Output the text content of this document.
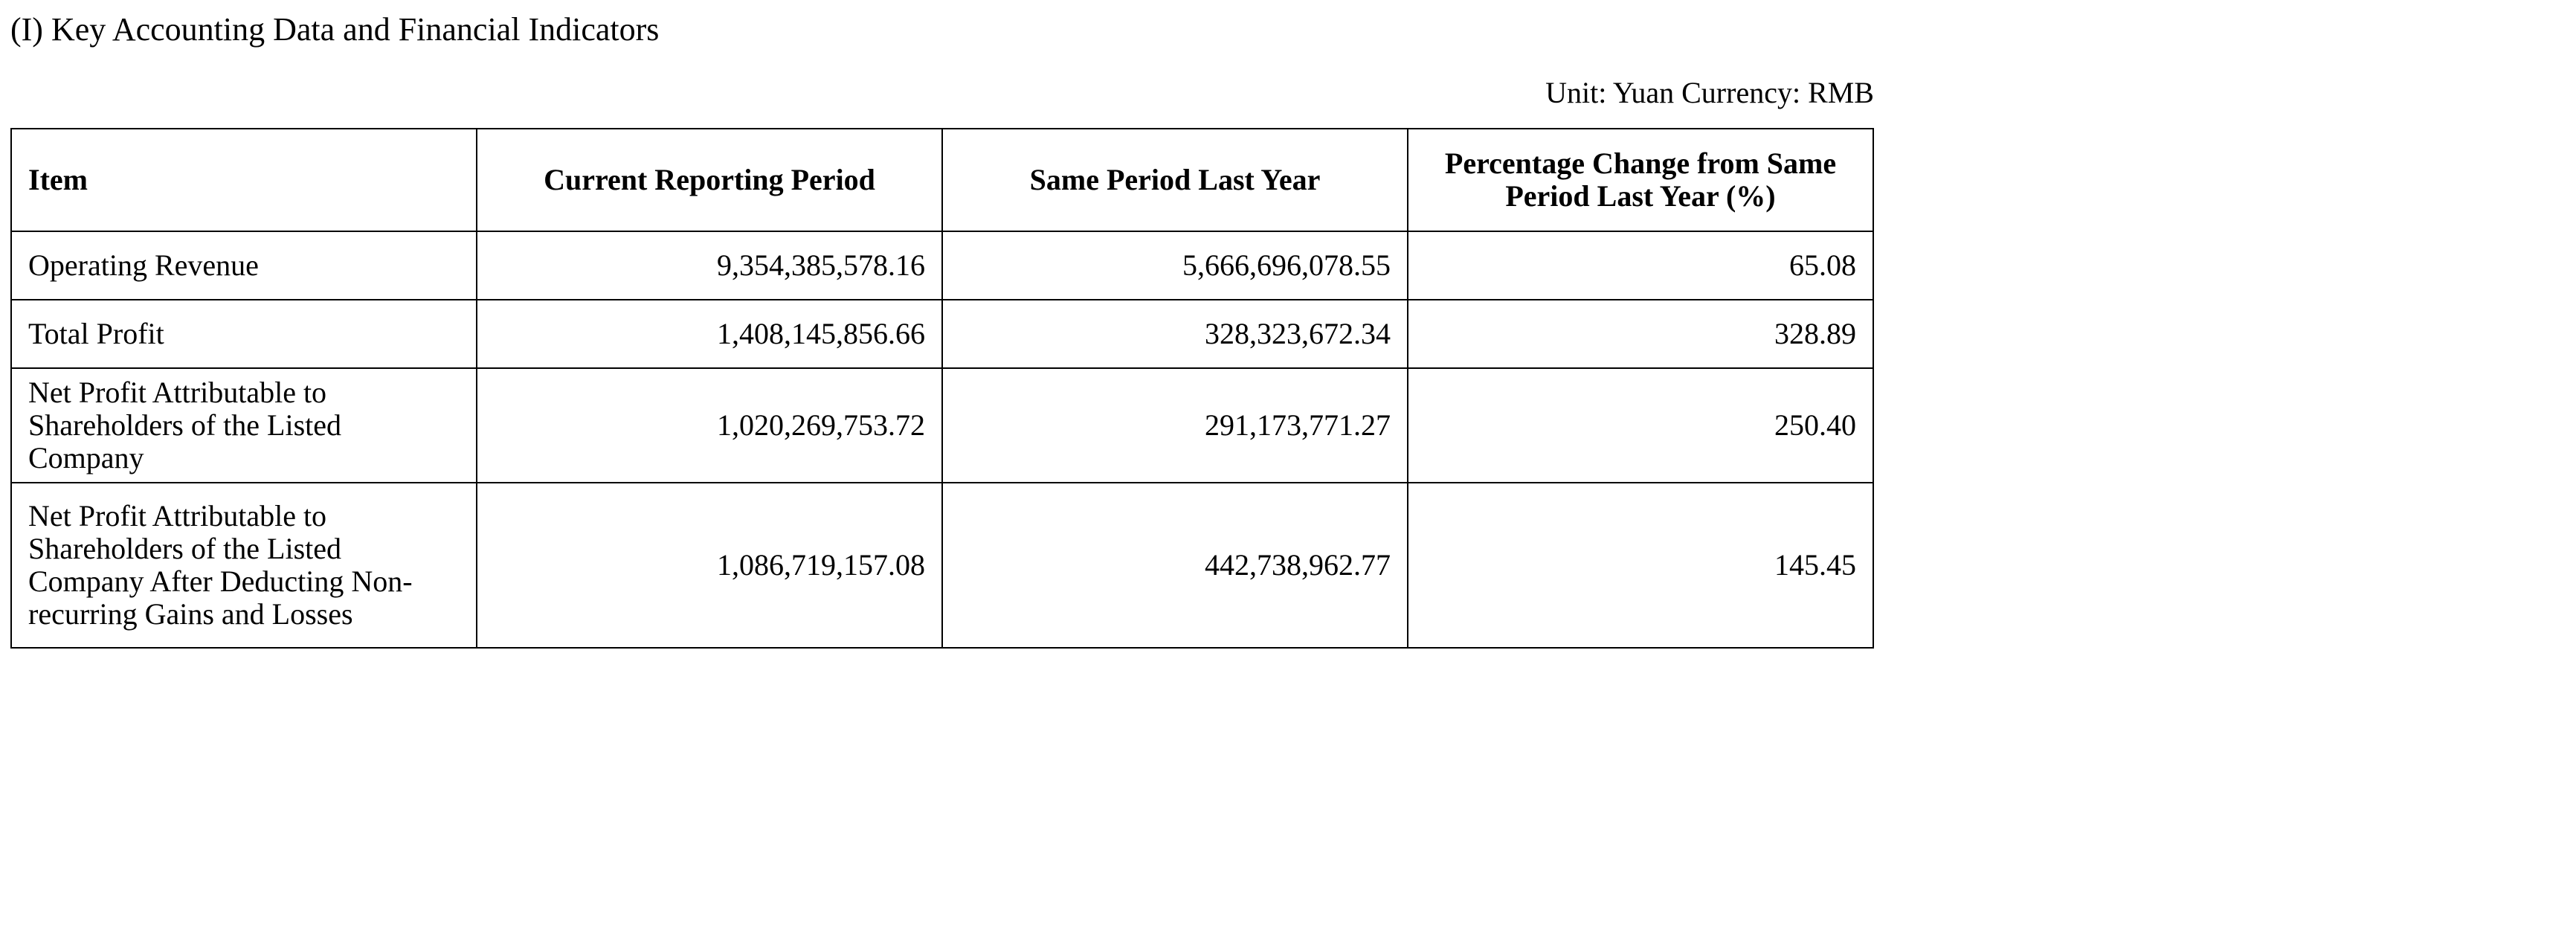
(I) Key Accounting Data and Financial Indicators
Unit: Yuan Currency: RMB
Item	Current Reporting Period	Same Period Last Year	Percentage Change from Same Period Last Year (%)
Operating Revenue	9,354,385,578.16	5,666,696,078.55	65.08
Total Profit	1,408,145,856.66	328,323,672.34	328.89
Net Profit Attributable to Shareholders of the Listed Company	1,020,269,753.72	291,173,771.27	250.40
Net Profit Attributable to Shareholders of the Listed Company After Deducting Non-recurring Gains and Losses	1,086,719,157.08	442,738,962.77	145.45
